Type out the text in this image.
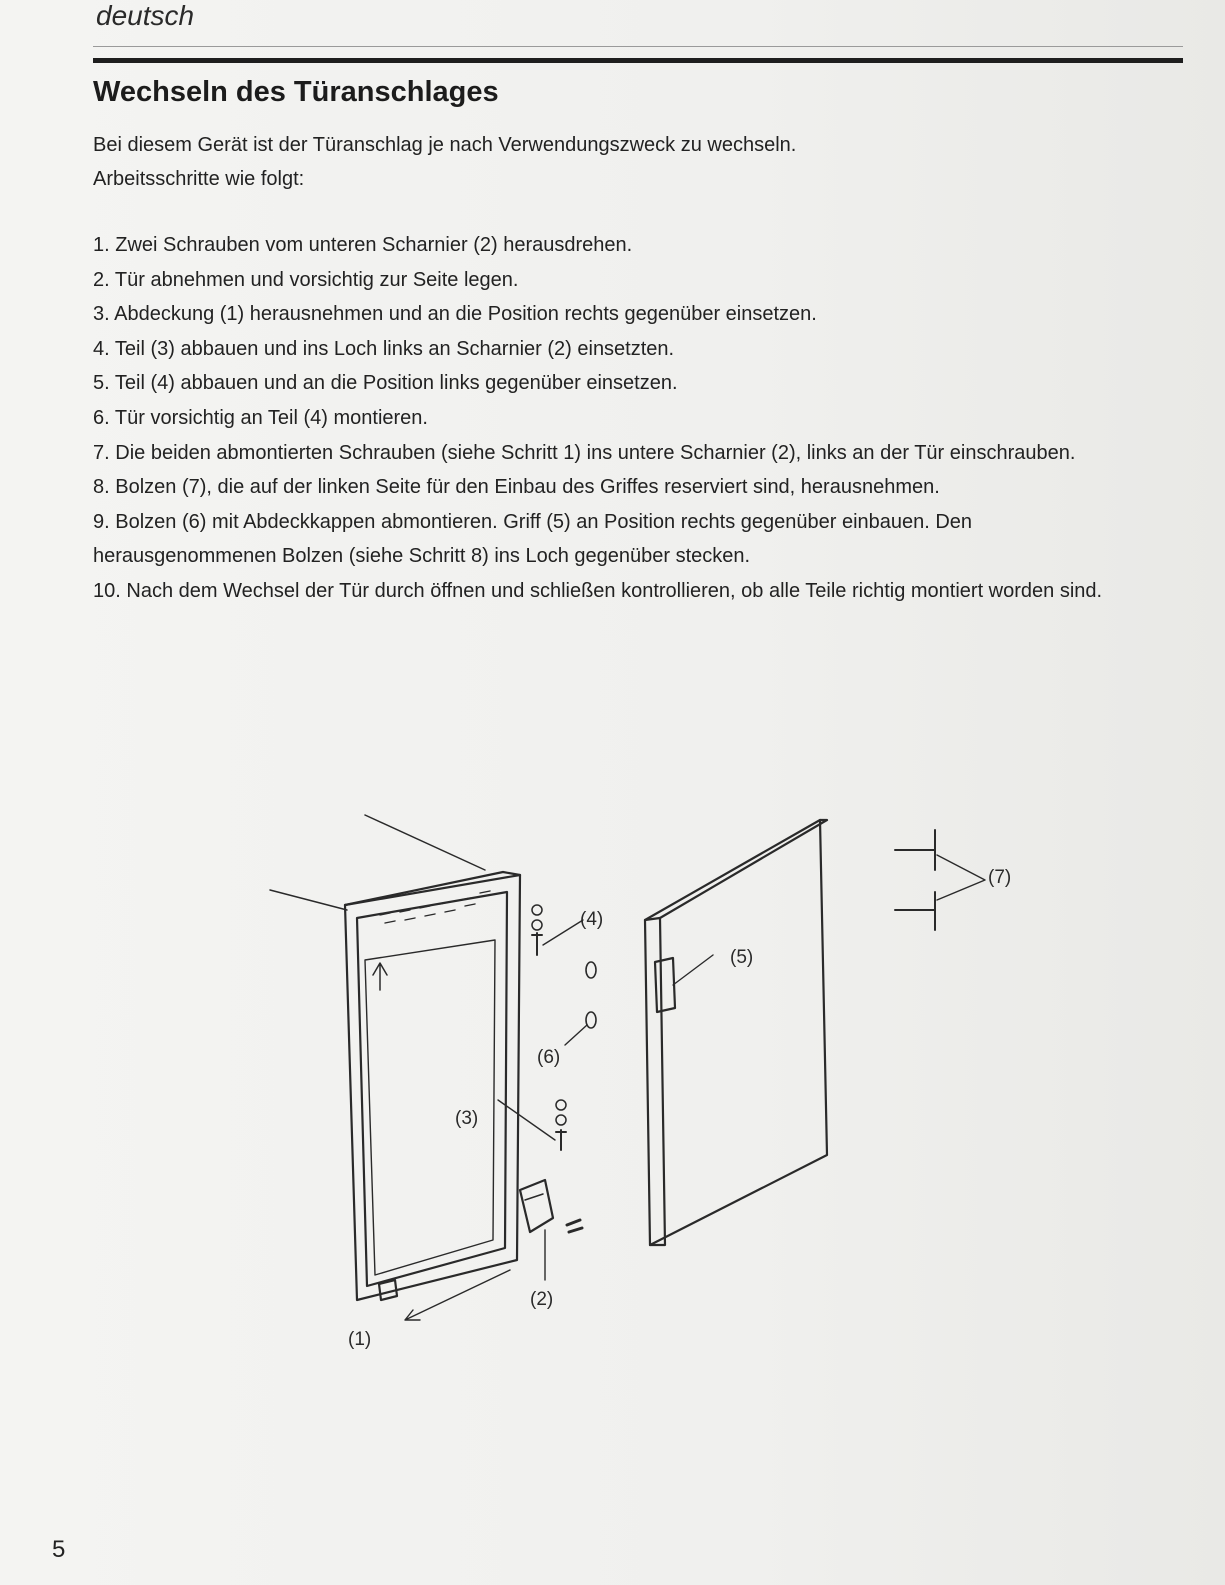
deutsch
Wechseln des Türanschlages

Bei diesem Gerät ist der Türanschlag je nach Verwendungszweck zu wechseln.

Arbeitsschritte wie folgt:

1. Zwei Schrauben vom unteren Scharnier (2) herausdrehen.
2. Tür abnehmen und vorsichtig zur Seite legen.
3. Abdeckung (1) herausnehmen und an die Position rechts gegenüber einsetzen.
4. Teil (3) abbauen und ins Loch links an Scharnier (2) einsetzten.
5. Teil (4) abbauen und an die Position links gegenüber einsetzen.
6. Tür vorsichtig an Teil (4) montieren.
7. Die beiden abmontierten Schrauben (siehe Schritt 1) ins untere Scharnier (2), links an der Tür einschrauben.
8. Bolzen (7), die auf der linken Seite für den Einbau des Griffes reserviert sind, herausnehmen.
9. Bolzen (6) mit Abdeckkappen abmontieren. Griff (5) an Position rechts gegenüber einbauen. Den herausgenommenen Bolzen (siehe Schritt 8) ins Loch gegenüber stecken.
10. Nach dem Wechsel der Tür durch öffnen und schließen kontrollieren, ob alle Teile richtig montiert worden sind.
(4)
(5)
(6)
(3)
(2)
(1)
(7)
5
